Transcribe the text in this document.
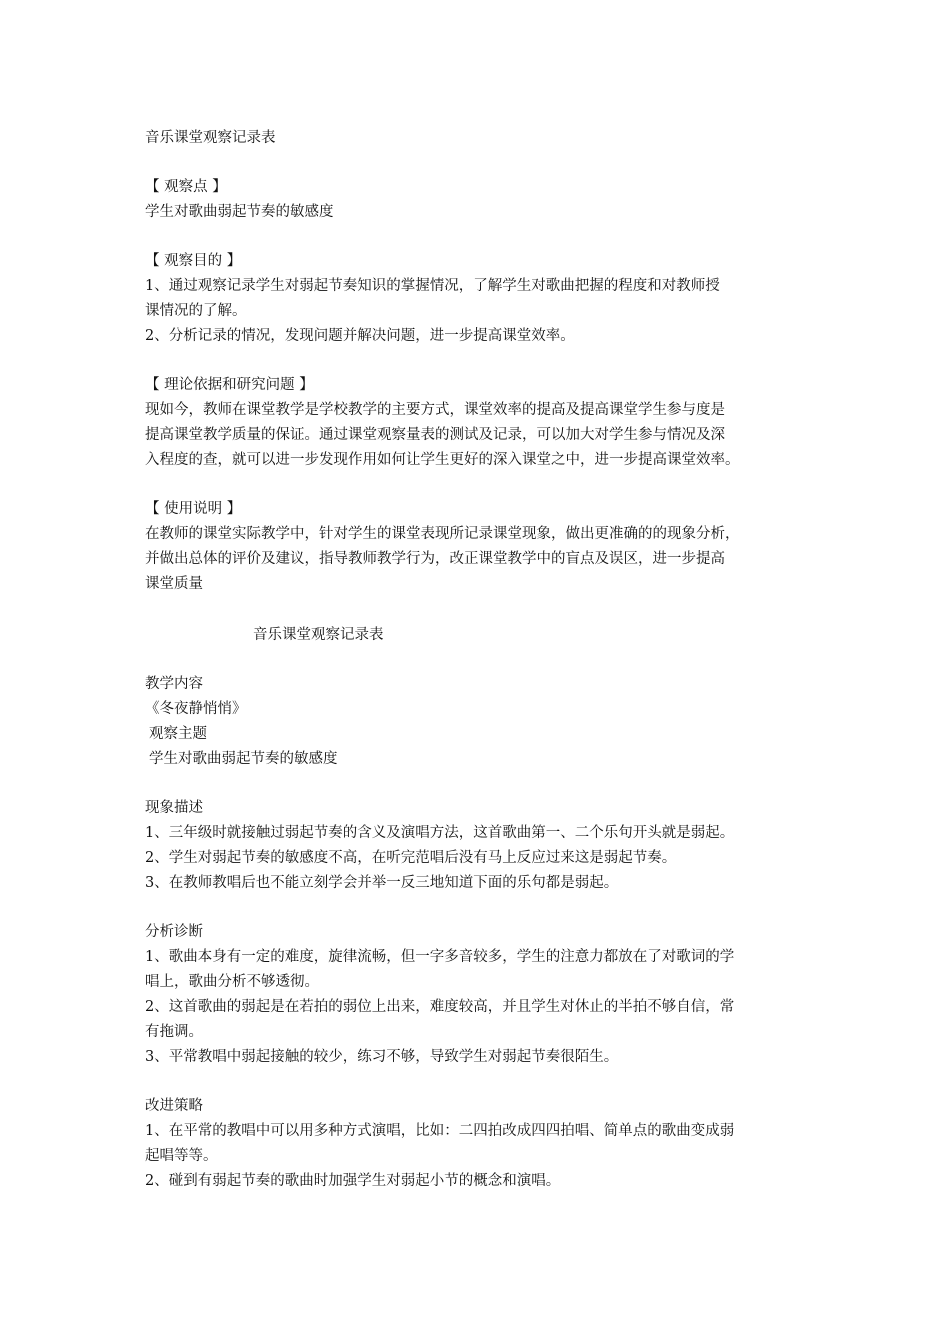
音乐课堂观察记录表
【 观察点 】
学生对歌曲弱起节奏的敏感度
【 观察目的 】
1、通过观察记录学生对弱起节奏知识的掌握情况，了解学生对歌曲把握的程度和对教师授
课情况的了解。
2、分析记录的情况，发现问题并解决问题，进一步提高课堂效率。
【 理论依据和研究问题 】
现如今，教师在课堂教学是学校教学的主要方式，课堂效率的提高及提高课堂学生参与度是
提高课堂教学质量的保证。通过课堂观察量表的测试及记录，可以加大对学生参与情况及深
入程度的查，就可以进一步发现作用如何让学生更好的深入课堂之中，进一步提高课堂效率。
【 使用说明 】
在教师的课堂实际教学中，针对学生的课堂表现所记录课堂现象，做出更准确的的现象分析，
并做出总体的评价及建议，指导教师教学行为，改正课堂教学中的盲点及误区，进一步提高
课堂质量
音乐课堂观察记录表
教学内容
《冬夜静悄悄》
观察主题
学生对歌曲弱起节奏的敏感度
现象描述
1、三年级时就接触过弱起节奏的含义及演唱方法，这首歌曲第一、二个乐句开头就是弱起。
2、学生对弱起节奏的敏感度不高，在听完范唱后没有马上反应过来这是弱起节奏。
3、在教师教唱后也不能立刻学会并举一反三地知道下面的乐句都是弱起。
分析诊断
1、歌曲本身有一定的难度，旋律流畅，但一字多音较多，学生的注意力都放在了对歌词的学
唱上，歌曲分析不够透彻。
2、这首歌曲的弱起是在若拍的弱位上出来，难度较高，并且学生对休止的半拍不够自信，常
有拖调。
3、平常教唱中弱起接触的较少，练习不够，导致学生对弱起节奏很陌生。
改进策略
1、在平常的教唱中可以用多种方式演唱，比如：二四拍改成四四拍唱、简单点的歌曲变成弱
起唱等等。
2、碰到有弱起节奏的歌曲时加强学生对弱起小节的概念和演唱。
